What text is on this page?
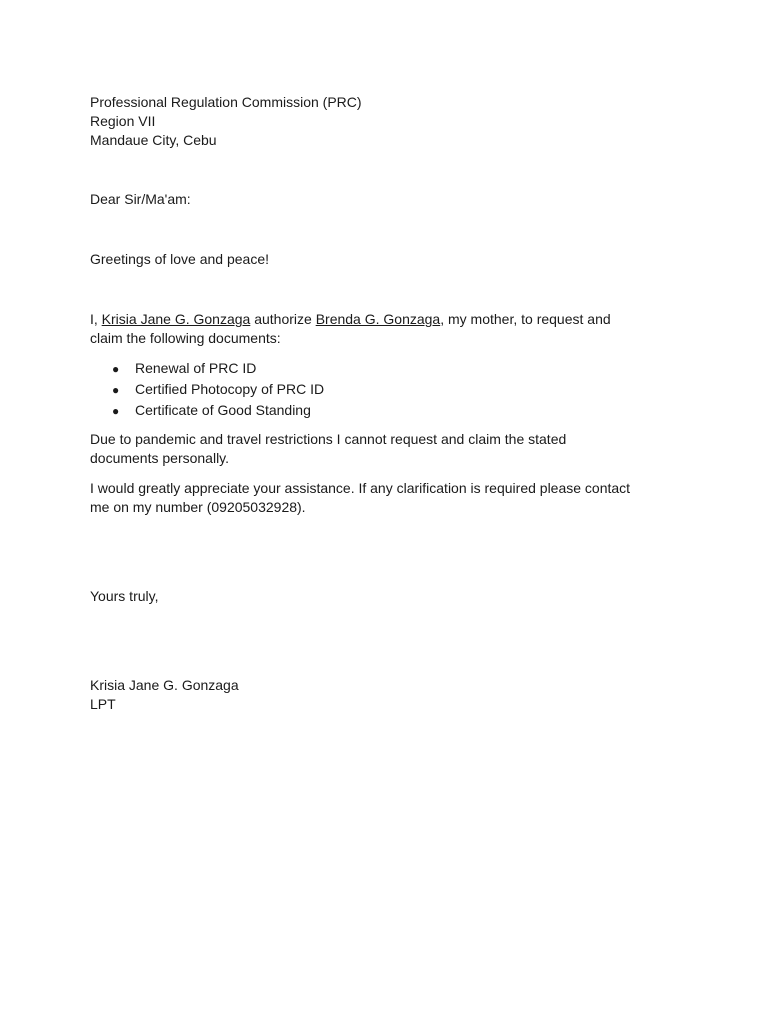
Professional Regulation Commission (PRC)
Region VII
Mandaue City, Cebu
Dear Sir/Ma'am:
Greetings of love and peace!
I, Krisia Jane G. Gonzaga authorize Brenda G. Gonzaga, my mother, to request and
claim the following documents:
● Renewal of PRC ID
● Certified Photocopy of PRC ID
● Certificate of Good Standing
Due to pandemic and travel restrictions I cannot request and claim the stated
documents personally.
I would greatly appreciate your assistance. If any clarification is required please contact
me on my number (09205032928).
Yours truly,
Krisia Jane G. Gonzaga
LPT
